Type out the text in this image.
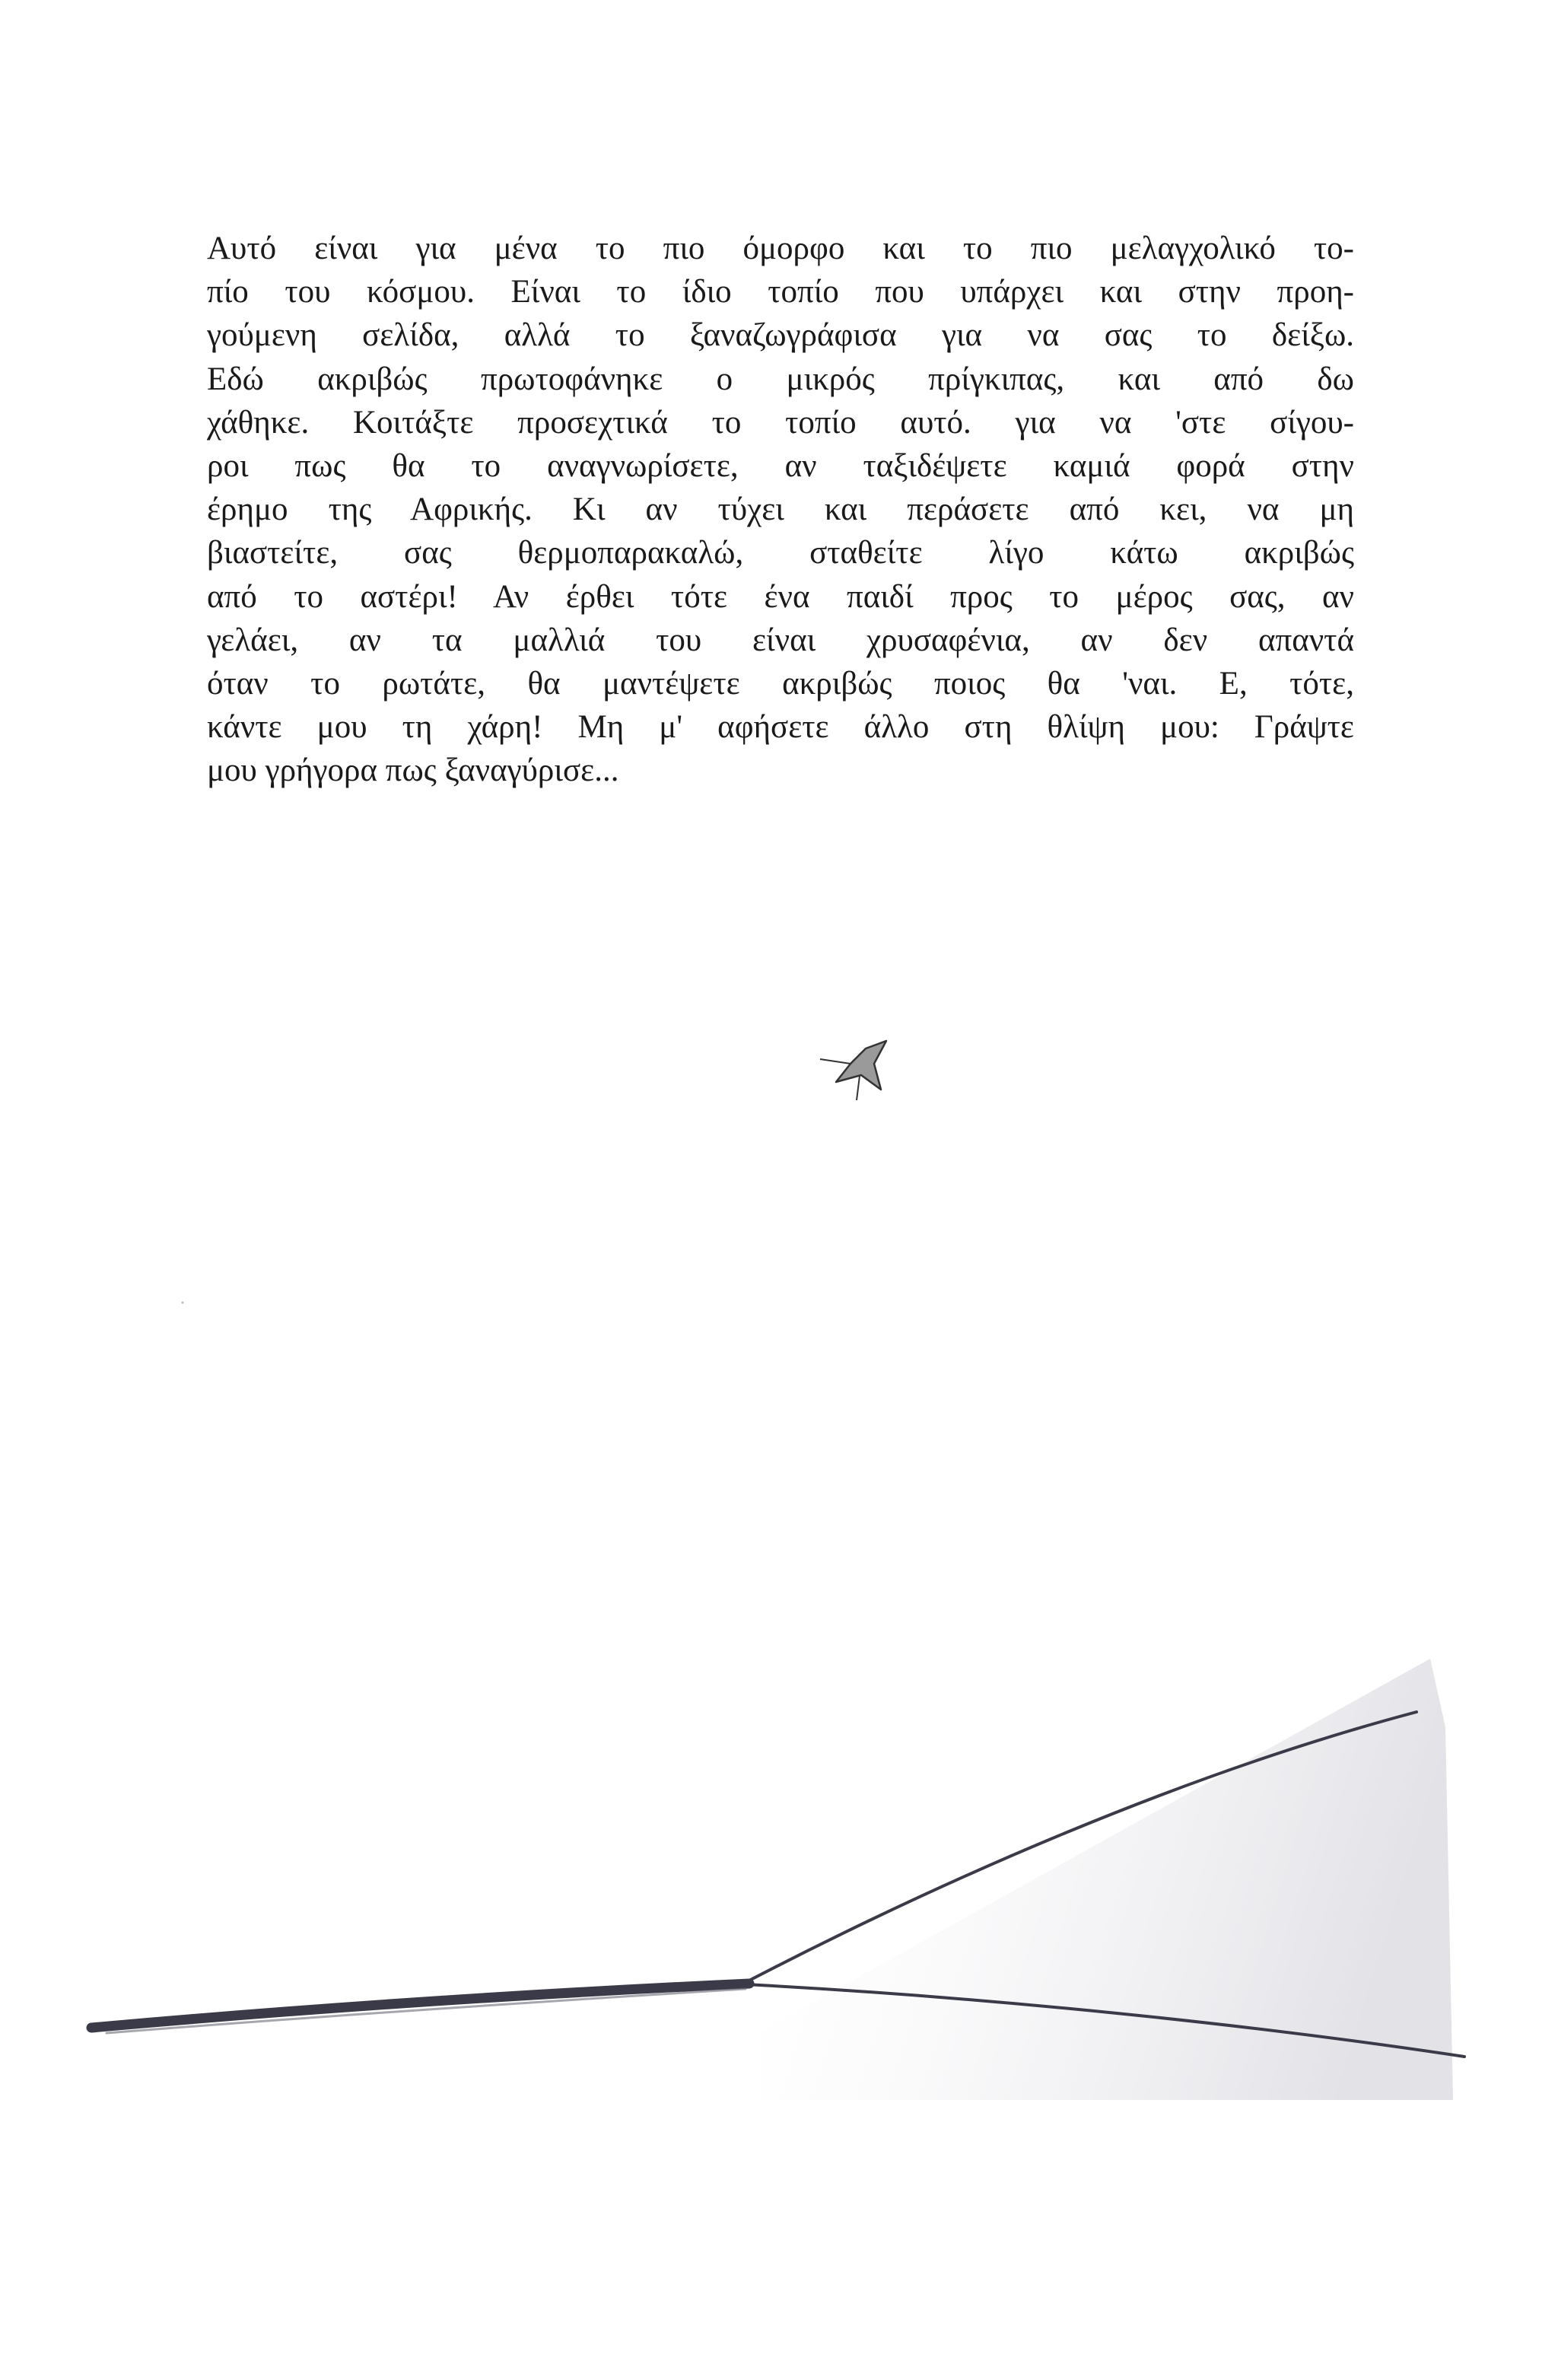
Αυτό είναι για μένα το πιο όμορφο και το πιο μελαγχολικό το-
πίο του κόσμου. Είναι το ίδιο τοπίο που υπάρχει και στην προη-
γούμενη σελίδα, αλλά το ξαναζωγράφισα για να σας το δείξω.
Εδώ ακριβώς πρωτοφάνηκε ο μικρός πρίγκιπας, και από δω
χάθηκε. Κοιτάξτε προσεχτικά το τοπίο αυτό. για να 'στε σίγου-
ροι πως θα το αναγνωρίσετε, αν ταξιδέψετε καμιά φορά στην
έρημο της Αφρικής. Κι αν τύχει και περάσετε από κει, να μη
βιαστείτε, σας θερμοπαρακαλώ, σταθείτε λίγο κάτω ακριβώς
από το αστέρι! Αν έρθει τότε ένα παιδί προς το μέρος σας, αν
γελάει, αν τα μαλλιά του είναι χρυσαφένια, αν δεν απαντά
όταν το ρωτάτε, θα μαντέψετε ακριβώς ποιος θα 'ναι. Ε, τότε,
κάντε μου τη χάρη! Μη μ' αφήσετε άλλο στη θλίψη μου: Γράψτε
μου γρήγορα πως ξαναγύρισε...
